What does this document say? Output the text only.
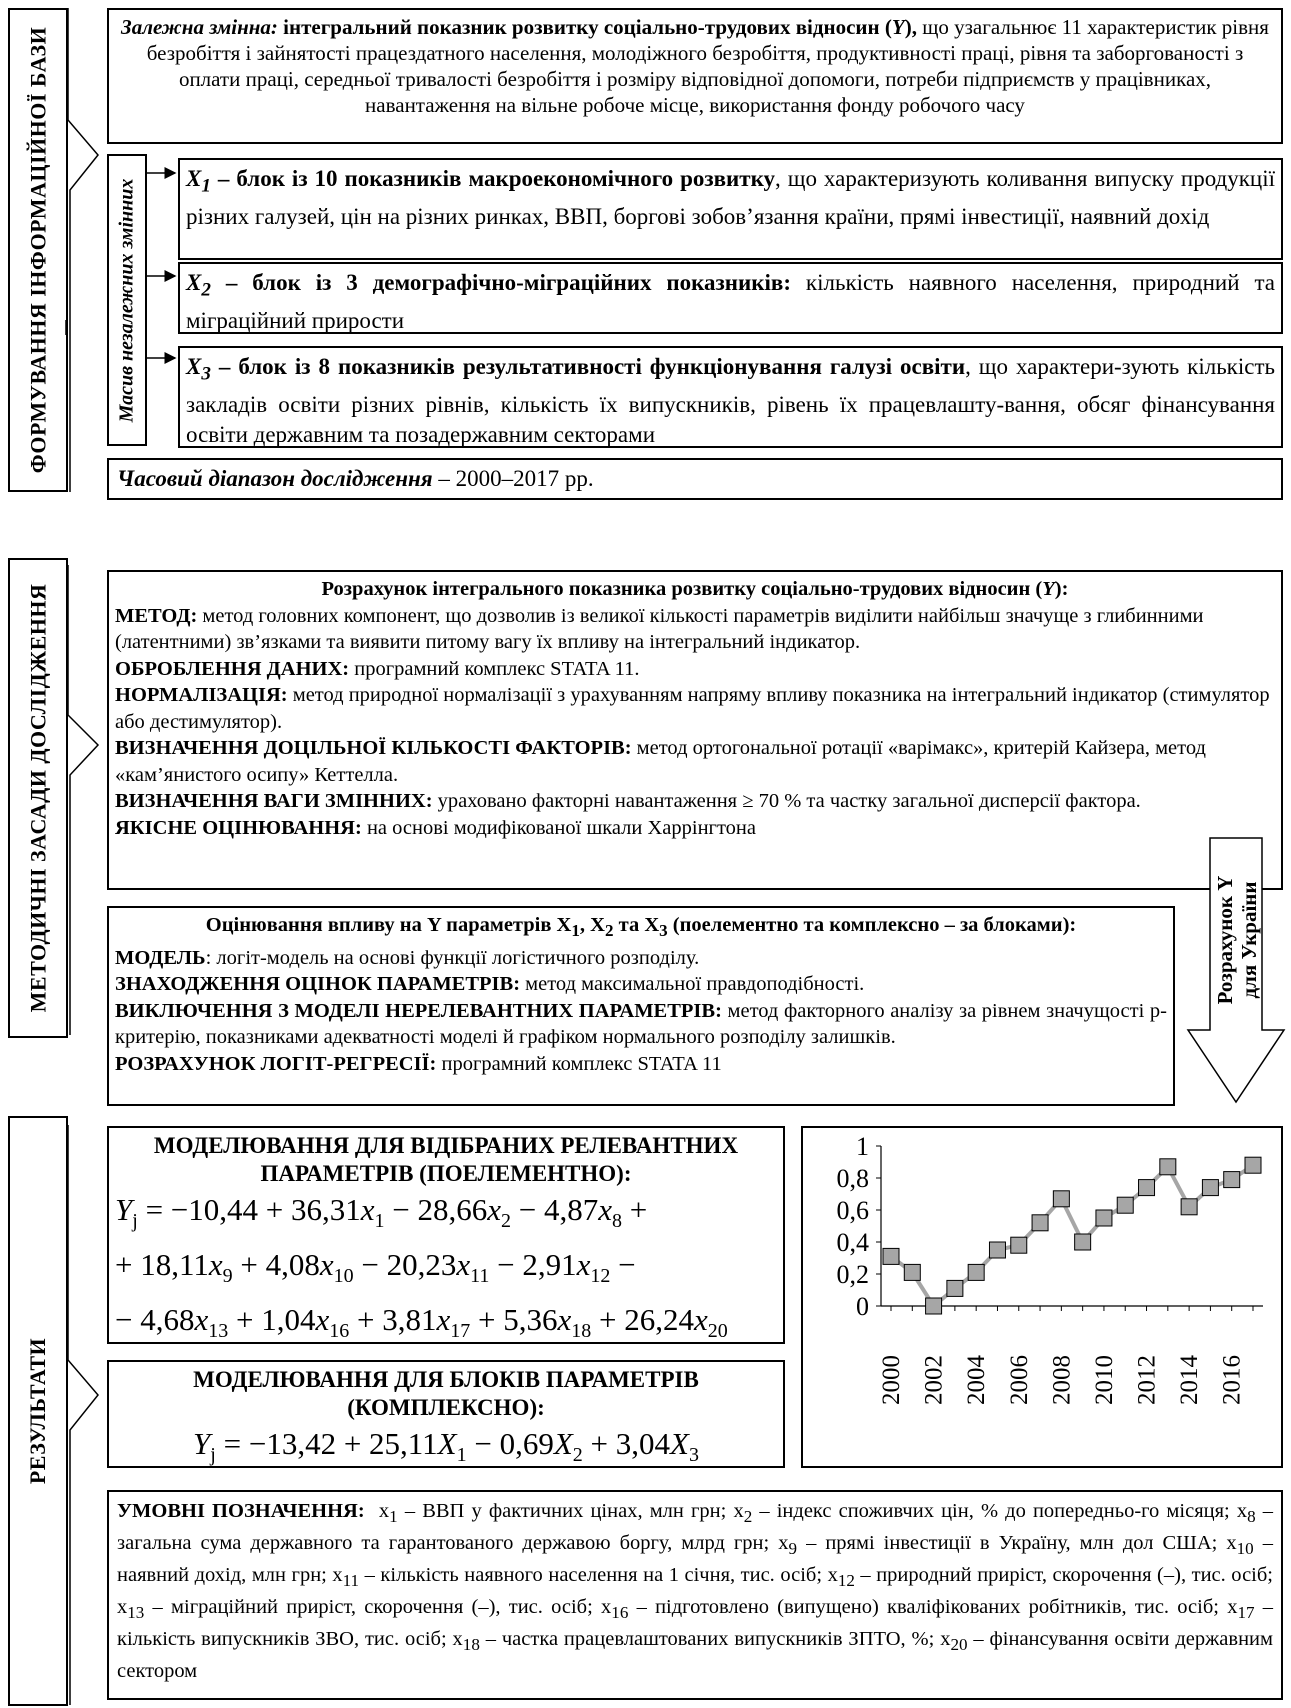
ФОРМУВАННЯ ІНФОРМАЦІЙНОЇ БАЗИ
МЕТОДИЧНІ ЗАСАДИ ДОСЛІДЖЕННЯ
РЕЗУЛЬТАТИ
Залежна змінна: інтегральний показник розвитку соціально-трудових відносин (Y), що узагальнює 11 характеристик рівня безробіття і зайнятості працездатного населення, молодіжного безробіття, продуктивності праці, рівня та заборгованості з оплати праці, середньої тривалості безробіття і розміру відповідної допомоги, потреби підприємств у працівниках, навантаження на вільне робоче місце, використання фонду робочого часу
Масив незалежних змінних	$X_1$ – блок із 10 показників макроекономічного розвитку, що характеризують коливання випуску продукції різних галузей, цін на різних ринках, ВВП, боргові зобов’язання країни, прямі інвестиції, наявний дохід
$X_2$ – блок із 3 демографічно-міграційних показників: кількість наявного населення, природний та міграційний прирости
$X_3$ – блок із 8 показників результативності функціонування галузі освіти, що характери-зують кількість закладів освіти різних рівнів, кількість їх випускників, рівень їх працевлашту-вання, обсяг фінансування освіти державним та позадержавним секторами
Часовий діапазон дослідження – 2000–2017 рр.
Розрахунок інтегрального показника розвитку соціально-трудових відносин (Y):
МЕТОД: метод головних компонент, що дозволив із великої кількості параметрів виділити найбільш значуще з глибинними (латентними) зв’язками та виявити питому вагу їх впливу на інтегральний індикатор.
ОБРОБЛЕННЯ ДАНИХ: програмний комплекс STATA 11.
НОРМАЛІЗАЦІЯ: метод природної нормалізації з урахуванням напряму впливу показника на інтегральний індикатор (стимулятор або дестимулятор).
ВИЗНАЧЕННЯ ДОЦІЛЬНОЇ КІЛЬКОСТІ ФАКТОРІВ: метод ортогональної ротації «варімакс», критерій Кайзера, метод «кам’янистого осипу» Кеттелла.
ВИЗНАЧЕННЯ ВАГИ ЗМІННИХ: ураховано факторні навантаження ≥ 70 % та частку загальної дисперсії фактора.
ЯКІСНЕ ОЦІНЮВАННЯ: на основі модифікованої шкали Харрінгтона
Оцінювання впливу на Y параметрів $X_1$, $X_2$ та $X_3$ (поелементно та комплексно – за блоками):
МОДЕЛЬ: логіт-модель на основі функції логістичного розподілу.
ЗНАХОДЖЕННЯ ОЦІНОК ПАРАМЕТРІВ: метод максимальної правдоподібності.
ВИКЛЮЧЕННЯ З МОДЕЛІ НЕРЕЛЕВАНТНИХ ПАРАМЕТРІВ: метод факторного аналізу за рівнем значущості p-критерію, показниками адекватності моделі й графіком нормального розподілу залишків.
РОЗРАХУНОК ЛОГІТ-РЕГРЕСІЇ: програмний комплекс STATA 11
Розрахунок Y для України
МОДЕЛЮВАННЯ ДЛЯ ВІДІБРАНИХ РЕЛЕВАНТНИХ ПАРАМЕТРІВ (ПОЕЛЕМЕНТНО):
$Y_j = -10,44 + 36,31x_1 - 28,66x_2 - 4,87x_8$ +
+ $18,11x_9 + 4,08x_{10} - 20,23x_{11} - 2,91x_{12}$ −
− $4,68x_{13} + 1,04x_{16} + 3,81x_{17} + 5,36x_{18} + 26,24x_{20}$
МОДЕЛЮВАННЯ ДЛЯ БЛОКІВ ПАРАМЕТРІВ (КОМПЛЕКСНО):
$Y_j = -13,42 + 25,11X_1 - 0,69X_2 + 3,04X_3$
0
0,2
0,4
0,6
0,8
1
2000 2002 2004 2006 2008 2010 2012 2014 2016
УМОВНІ ПОЗНАЧЕННЯ: $x_1$ – ВВП у фактичних цінах, млн грн; $x_2$ – індекс споживчих цін, % до попередньо-го місяця; $x_8$ – загальна сума державного та гарантованого державою боргу, млрд грн; $x_9$ – прямі інвестиції в Україну, млн дол США; $x_{10}$ – наявний дохід, млн грн; $x_{11}$ – кількість наявного населення на 1 січня, тис. осіб; $x_{12}$ – природний приріст, скорочення (–), тис. осіб; $x_{13}$ – міграційний приріст, скорочення (–), тис. осіб; $x_{16}$ – підготовлено (випущено) кваліфікованих робітників, тис. осіб; $x_{17}$ – кількість випускників ЗВО, тис. осіб; $x_{18}$ – частка працевлаштованих випускників ЗПТО, %; $x_{20}$ – фінансування освіти державним сектором
